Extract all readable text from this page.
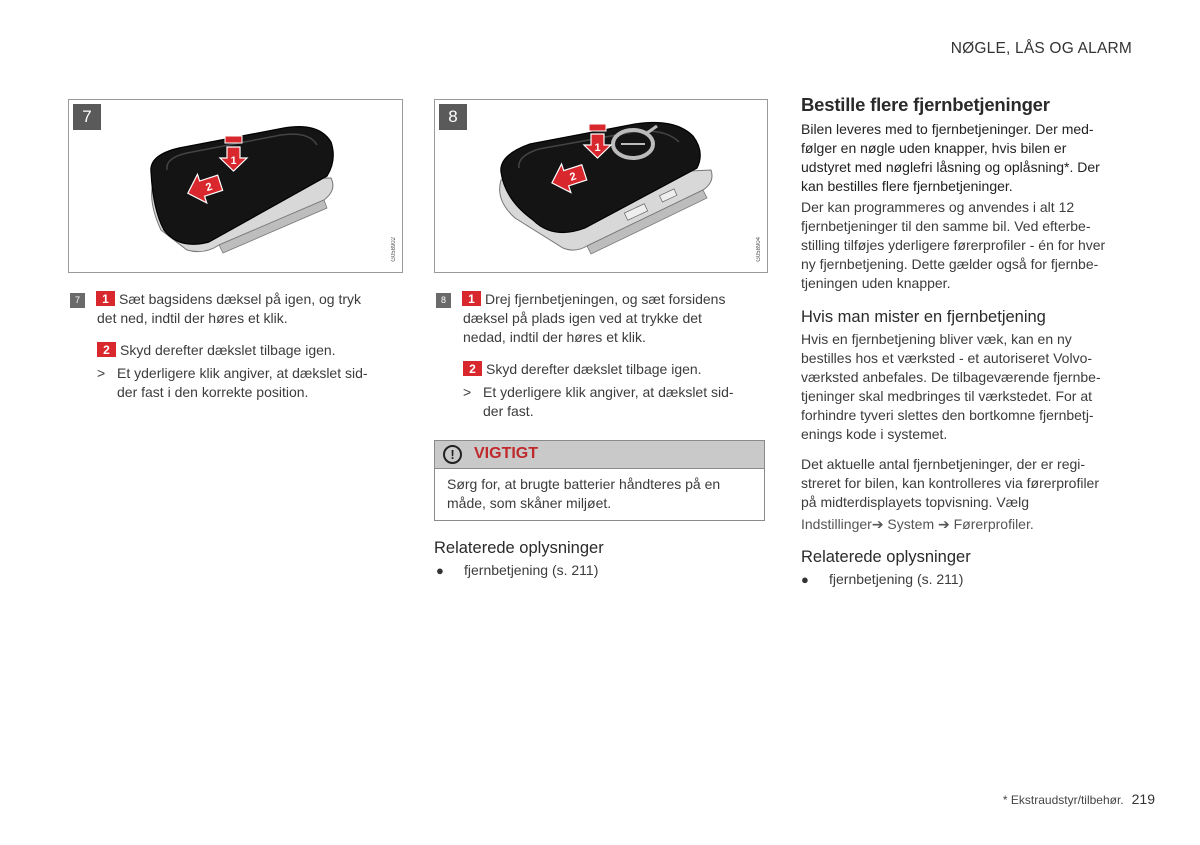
NØGLE, LÅS OG ALARM
1
2
7
G058902
1
2
8
G058904
7 1 Sæt bagsidens dæksel på igen, og tryk
det ned, indtil der høres et klik.
2 Skyd derefter dækslet tilbage igen.
> Et yderligere klik angiver, at dækslet sid-
der fast i den korrekte position.
8 1 Drej fjernbetjeningen, og sæt forsidens
dæksel på plads igen ved at trykke det
nedad, indtil der høres et klik.
2 Skyd derefter dækslet tilbage igen.
> Et yderligere klik angiver, at dækslet sid-
der fast.
!	VIGTIGT
Sørg for, at brugte batterier håndteres på en
måde, som skåner miljøet.
Relaterede oplysninger
● fjernbetjening (s. 211)
Bestille flere fjernbetjeninger
Bilen leveres med to fjernbetjeninger. Der med-
følger en nøgle uden knapper, hvis bilen er
udstyret med nøglefri låsning og oplåsning*. Der
kan bestilles flere fjernbetjeninger.
Der kan programmeres og anvendes i alt 12
fjernbetjeninger til den samme bil. Ved efterbe-
stilling tilføjes yderligere førerprofiler - én for hver
ny fjernbetjening. Dette gælder også for fjernbe-
tjeningen uden knapper.
Hvis man mister en fjernbetjening
Hvis en fjernbetjening bliver væk, kan en ny
bestilles hos et værksted - et autoriseret Volvo-
værksted anbefales. De tilbageværende fjernbe-
tjeninger skal medbringes til værkstedet. For at
forhindre tyveri slettes den bortkomne fjernbetj-
enings kode i systemet.
Det aktuelle antal fjernbetjeninger, der er regi-
streret for bilen, kan kontrolleres via førerprofiler
på midterdisplayets topvisning. Vælg
Indstillinger➔ System ➔ Førerprofiler.
Relaterede oplysninger
● fjernbetjening (s. 211)
* Ekstraudstyr/tilbehør. 219
